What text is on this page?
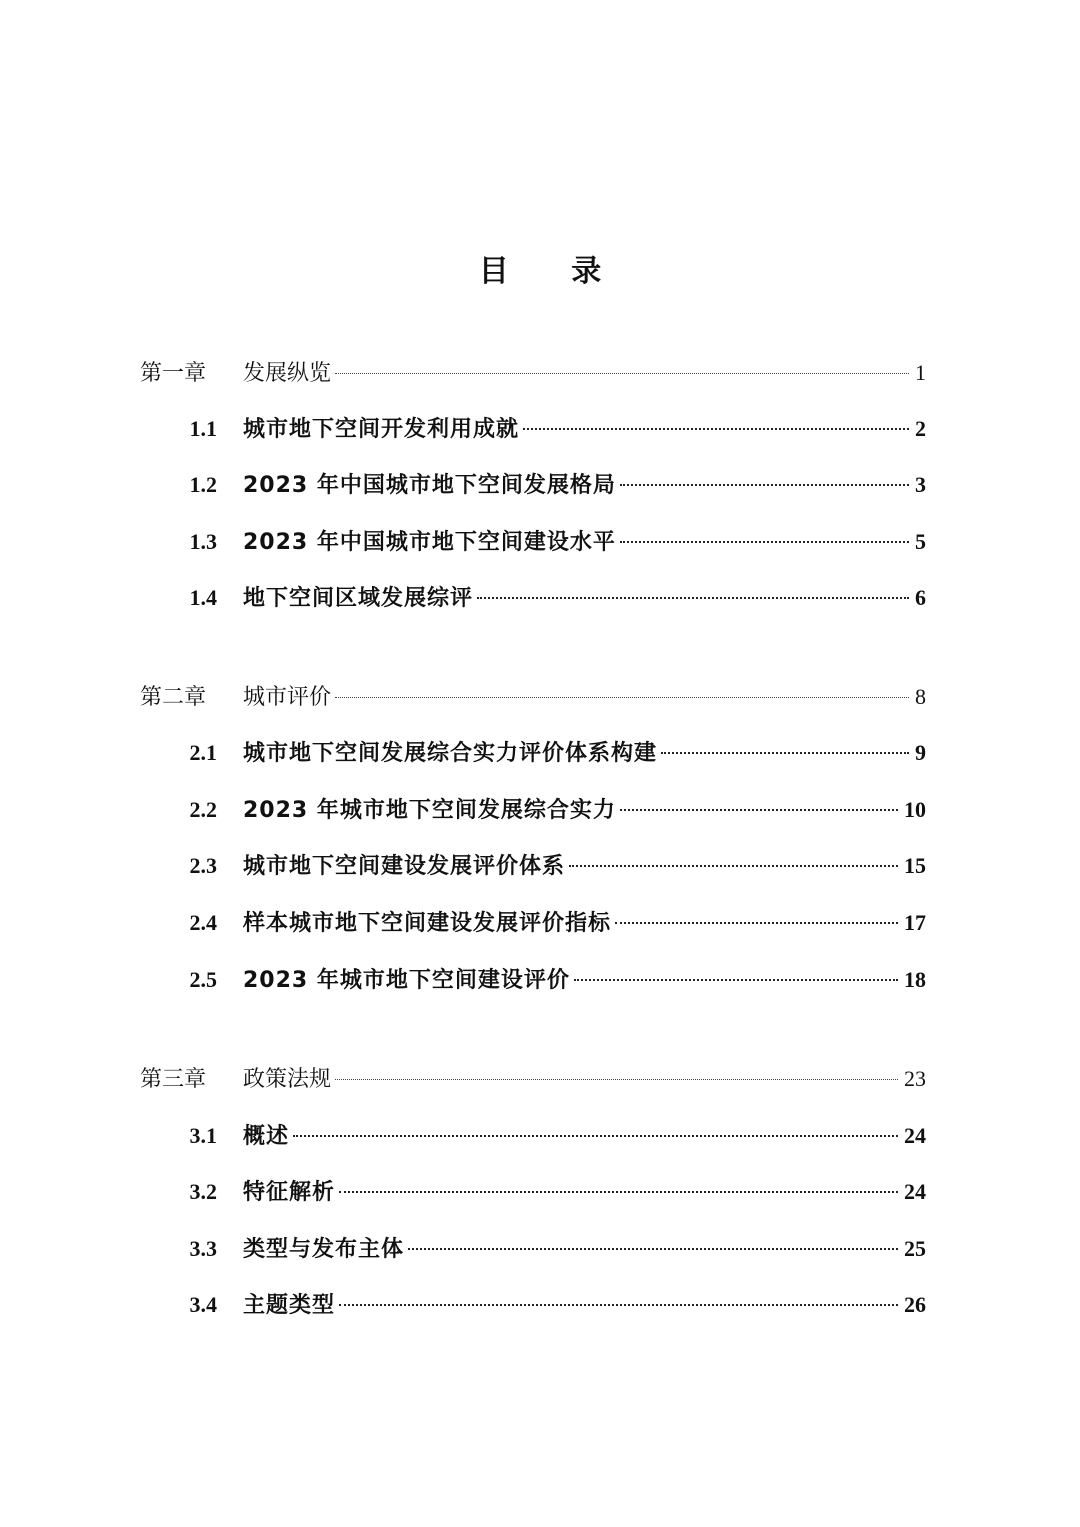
目 录
第一章	发展纵览	1
1.1 城市地下空间开发利用成就	2
1.2 2023 年中国城市地下空间发展格局	3
1.3 2023 年中国城市地下空间建设水平	5
1.4 地下空间区域发展综评	6
第二章	城市评价	8
2.1 城市地下空间发展综合实力评价体系构建	9
2.2 2023 年城市地下空间发展综合实力	10
2.3 城市地下空间建设发展评价体系	15
2.4 样本城市地下空间建设发展评价指标	17
2.5 2023 年城市地下空间建设评价	18
第三章	政策法规	23
3.1 概述	24
3.2 特征解析	24
3.3 类型与发布主体	25
3.4 主题类型	26
